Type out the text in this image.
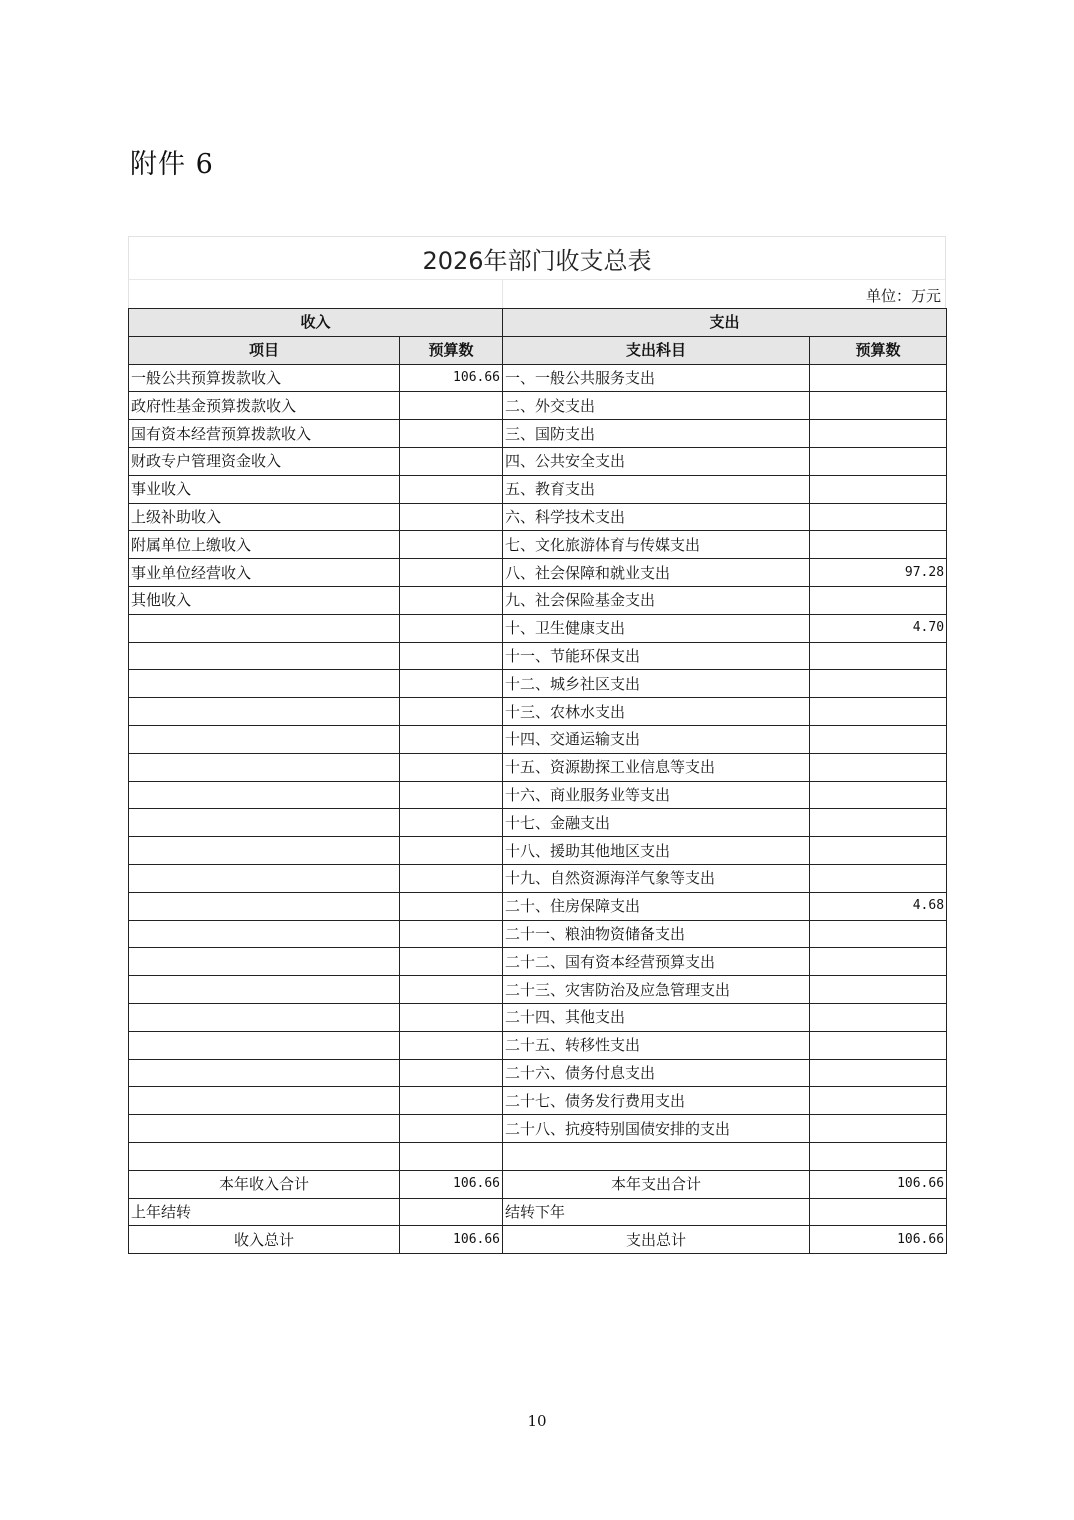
附件 6
2026年部门收支总表
单位：万元
收入		支出	
项目	预算数	支出科目	预算数
一般公共预算拨款收入	106.66	一、一般公共服务支出	
政府性基金预算拨款收入		二、外交支出	
国有资本经营预算拨款收入		三、国防支出	
财政专户管理资金收入		四、公共安全支出	
事业收入		五、教育支出	
上级补助收入		六、科学技术支出	
附属单位上缴收入		七、文化旅游体育与传媒支出	
事业单位经营收入		八、社会保障和就业支出	97.28
其他收入		九、社会保险基金支出	
		十、卫生健康支出	4.70
		十一、节能环保支出	
		十二、城乡社区支出	
		十三、农林水支出	
		十四、交通运输支出	
		十五、资源勘探工业信息等支出	
		十六、商业服务业等支出	
		十七、金融支出	
		十八、援助其他地区支出	
		十九、自然资源海洋气象等支出	
		二十、住房保障支出	4.68
		二十一、粮油物资储备支出	
		二十二、国有资本经营预算支出	
		二十三、灾害防治及应急管理支出	
		二十四、其他支出	
		二十五、转移性支出	
		二十六、债务付息支出	
		二十七、债务发行费用支出	
		二十八、抗疫特别国债安排的支出	

本年收入合计	106.66	本年支出合计	106.66
上年结转		结转下年	
收入总计	106.66	支出总计	106.66
10
